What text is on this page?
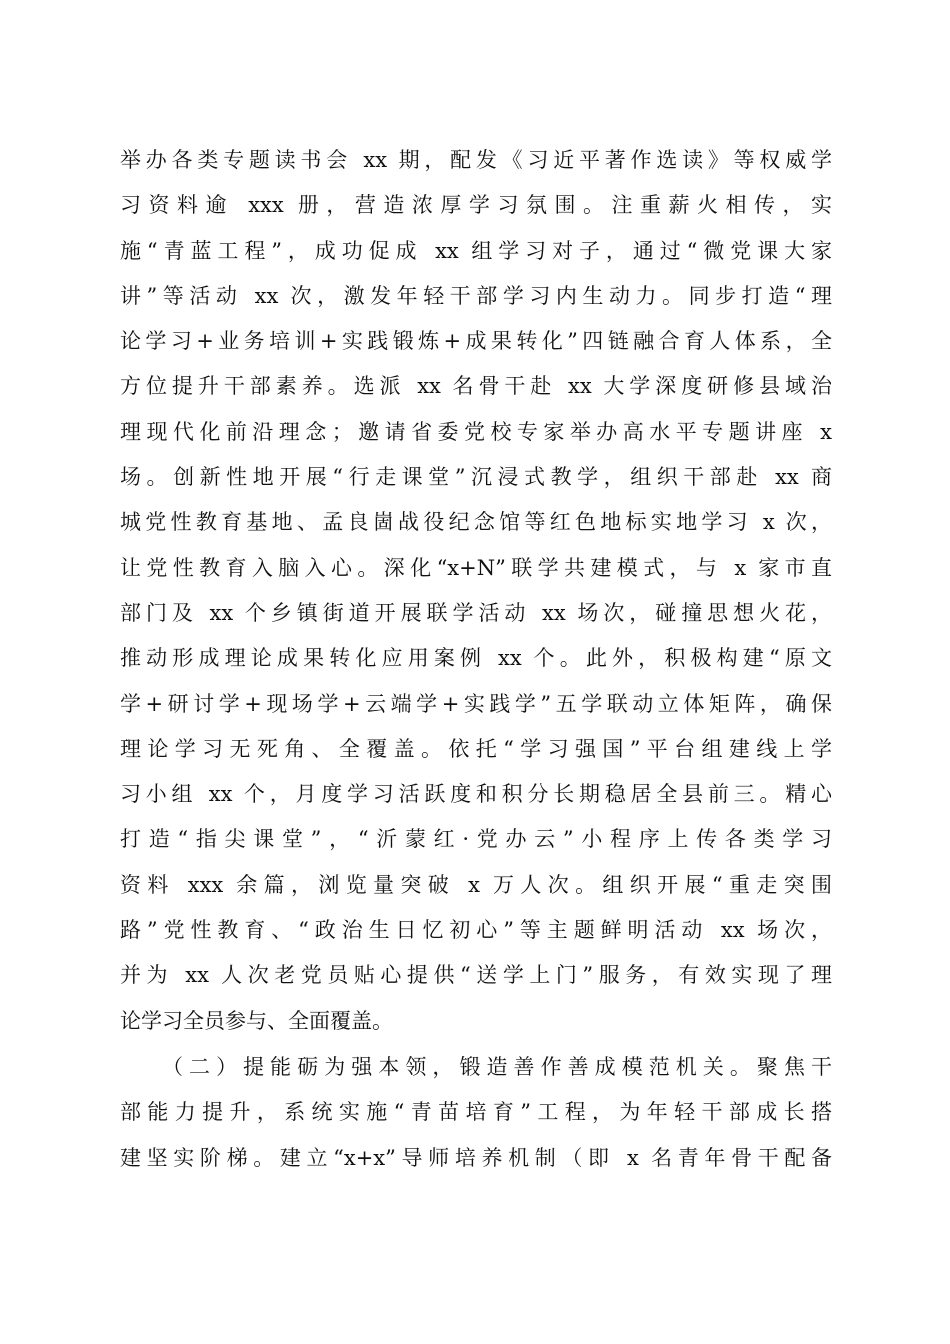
举办各类专题读书会 xx 期，配发《习近平著作选读》等权威学
习资料逾 xxx 册，营造浓厚学习氛围。注重薪火相传，实
施“青蓝工程”，成功促成 xx 组学习对子，通过“微党课大家
讲”等活动 xx 次，激发年轻干部学习内生动力。同步打造“理
论学习+业务培训+实践锻炼+成果转化”四链融合育人体系，全
方位提升干部素养。选派 xx 名骨干赴 xx 大学深度研修县域治
理现代化前沿理念；邀请省委党校专家举办高水平专题讲座 x
场。创新性地开展“行走课堂”沉浸式教学，组织干部赴 xx 商
城党性教育基地、孟良崮战役纪念馆等红色地标实地学习 x 次，
让党性教育入脑入心。深化“x+N”联学共建模式，与 x 家市直
部门及 xx 个乡镇街道开展联学活动 xx 场次，碰撞思想火花，
推动形成理论成果转化应用案例 xx 个。此外，积极构建“原文
学+研讨学+现场学+云端学+实践学”五学联动立体矩阵，确保
理论学习无死角、全覆盖。依托“学习强国”平台组建线上学
习小组 xx 个，月度学习活跃度和积分长期稳居全县前三。精心
打造“指尖课堂”，“沂蒙红·党办云”小程序上传各类学习
资料 xxx 余篇，浏览量突破 x 万人次。组织开展“重走突围
路”党性教育、“政治生日忆初心”等主题鲜明活动 xx 场次，
并为 xx 人次老党员贴心提供“送学上门”服务，有效实现了理
论学习全员参与、全面覆盖。
（二）提能砺为强本领，锻造善作善成模范机关。聚焦干
部能力提升，系统实施“青苗培育”工程，为年轻干部成长搭
建坚实阶梯。建立“x+x”导师培养机制（即 x 名青年骨干配备
